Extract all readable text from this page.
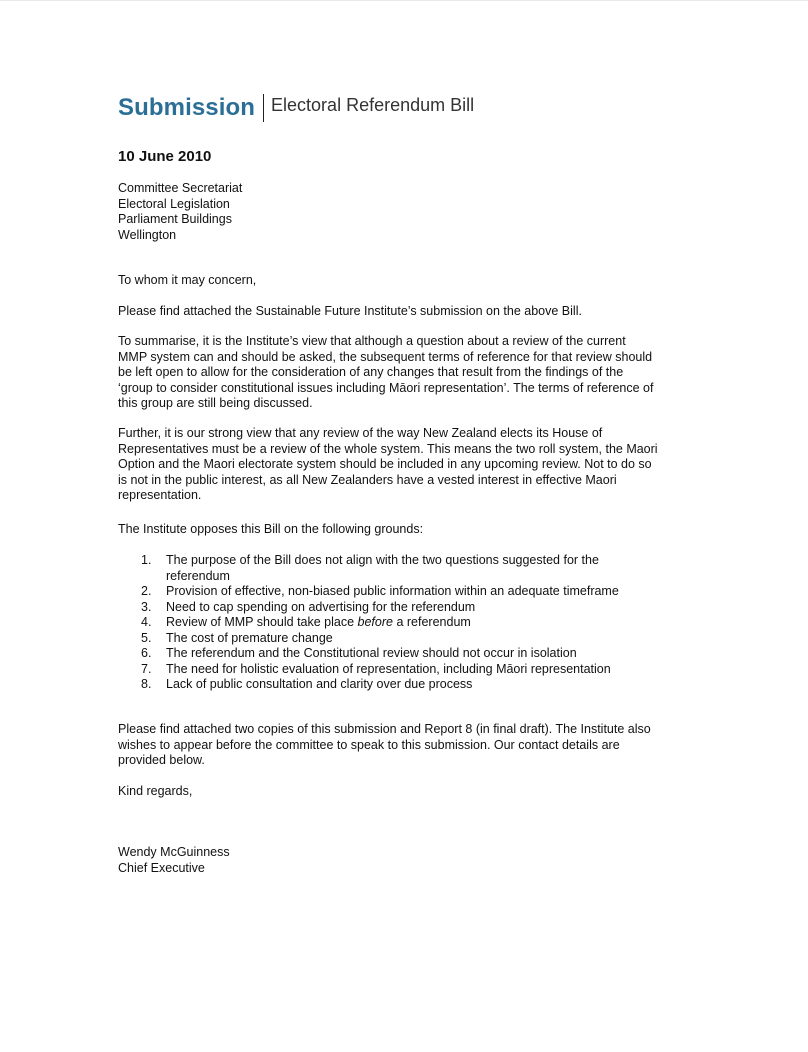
Submission Electoral Referendum Bill
10 June 2010
Committee Secretariat
Electoral Legislation
Parliament Buildings
Wellington
To whom it may concern,
Please find attached the Sustainable Future Institute’s submission on the above Bill.
To summarise, it is the Institute’s view that although a question about a review of the current
MMP system can and should be asked, the subsequent terms of reference for that review should
be left open to allow for the consideration of any changes that result from the findings of the
‘group to consider constitutional issues including Māori representation’. The terms of reference of
this group are still being discussed.
Further, it is our strong view that any review of the way New Zealand elects its House of
Representatives must be a review of the whole system. This means the two roll system, the Maori
Option and the Maori electorate system should be included in any upcoming review. Not to do so
is not in the public interest, as all New Zealanders have a vested interest in effective Maori
representation.
The Institute opposes this Bill on the following grounds:
1. The purpose of the Bill does not align with the two questions suggested for the
referendum
2. Provision of effective, non-biased public information within an adequate timeframe
3. Need to cap spending on advertising for the referendum
4. Review of MMP should take place before a referendum
5. The cost of premature change
6. The referendum and the Constitutional review should not occur in isolation
7. The need for holistic evaluation of representation, including Māori representation
8. Lack of public consultation and clarity over due process
Please find attached two copies of this submission and Report 8 (in final draft). The Institute also
wishes to appear before the committee to speak to this submission. Our contact details are
provided below.
Kind regards,
Wendy McGuinness
Chief Executive
